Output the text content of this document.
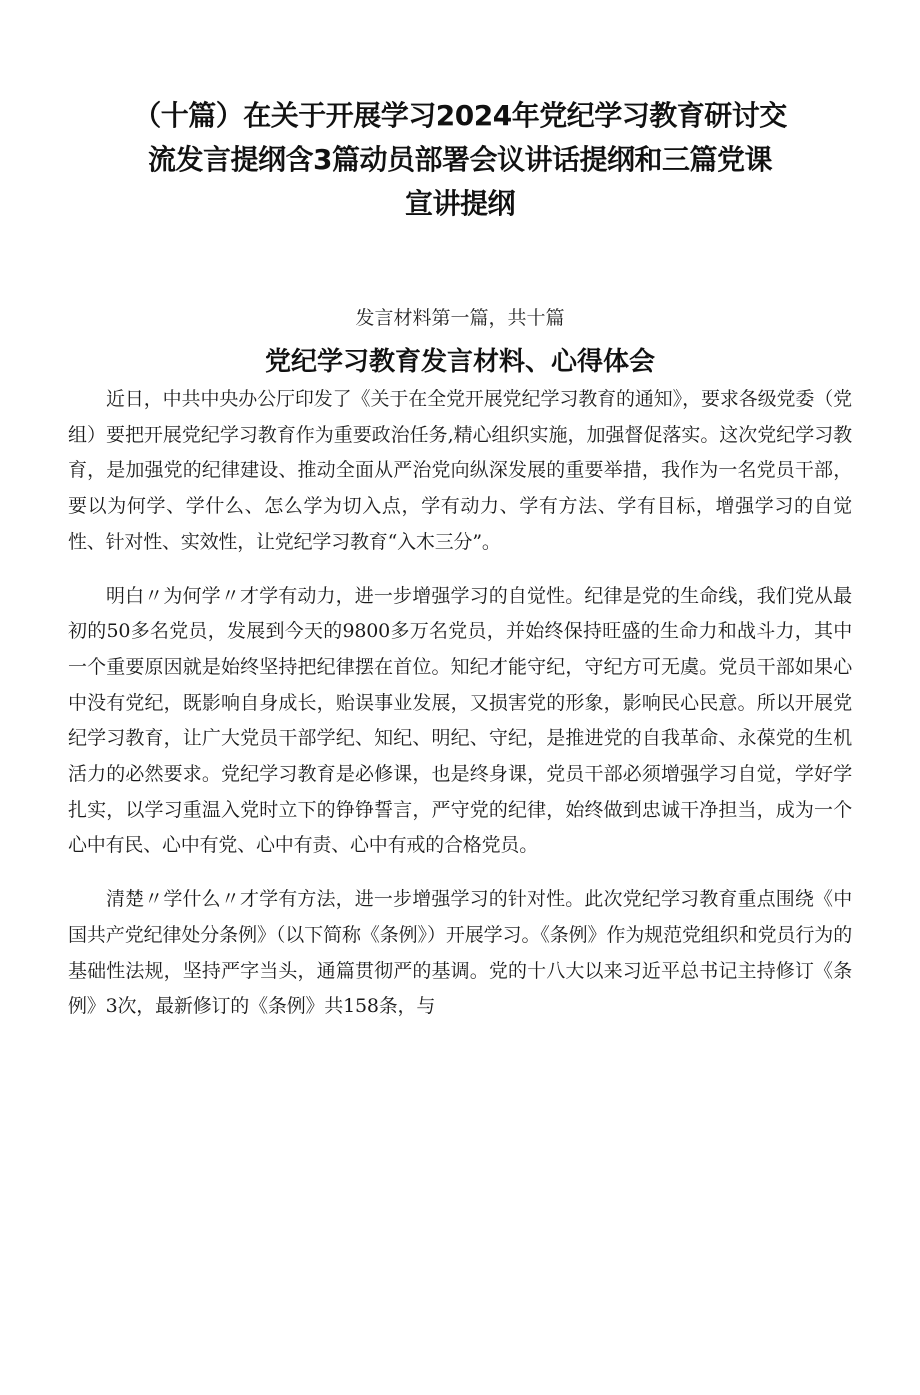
（十篇）在关于开展学习2024年党纪学习教育研讨交
流发言提纲含3篇动员部署会议讲话提纲和三篇党课
宣讲提纲
发言材料第一篇，共十篇
党纪学习教育发言材料、心得体会

近日，中共中央办公厅印发了《关于在全党开展党纪学习教育的通知》，要求各级党委（党组）要把开展党纪学习教育作为重要政治任务,精心组织实施，加强督促落实。这次党纪学习教育，是加强党的纪律建设、推动全面从严治党向纵深发展的重要举措，我作为一名党员干部，要以为何学、学什么、怎么学为切入点，学有动力、学有方法、学有目标，增强学习的自觉性、针对性、实效性，让党纪学习教育“入木三分”。

明白〃为何学〃才学有动力，进一步增强学习的自觉性。纪律是党的生命线，我们党从最初的50多名党员，发展到今天的9800多万名党员，并始终保持旺盛的生命力和战斗力，其中一个重要原因就是始终坚持把纪律摆在首位。知纪才能守纪，守纪方可无虞。党员干部如果心中没有党纪，既影响自身成长，贻误事业发展，又损害党的形象，影响民心民意。所以开展党纪学习教育，让广大党员干部学纪、知纪、明纪、守纪，是推进党的自我革命、永葆党的生机活力的必然要求。党纪学习教育是必修课，也是终身课，党员干部必须增强学习自觉，学好学扎实，以学习重温入党时立下的铮铮誓言，严守党的纪律，始终做到忠诚干净担当，成为一个心中有民、心中有党、心中有责、心中有戒的合格党员。

清楚〃学什么〃才学有方法，进一步增强学习的针对性。此次党纪学习教育重点围绕《中国共产党纪律处分条例》（以下简称《条例》）开展学习。《条例》作为规范党组织和党员行为的基础性法规，坚持严字当头，通篇贯彻严的基调。党的十八大以来习近平总书记主持修订《条例》3次，最新修订的《条例》共158条，与
